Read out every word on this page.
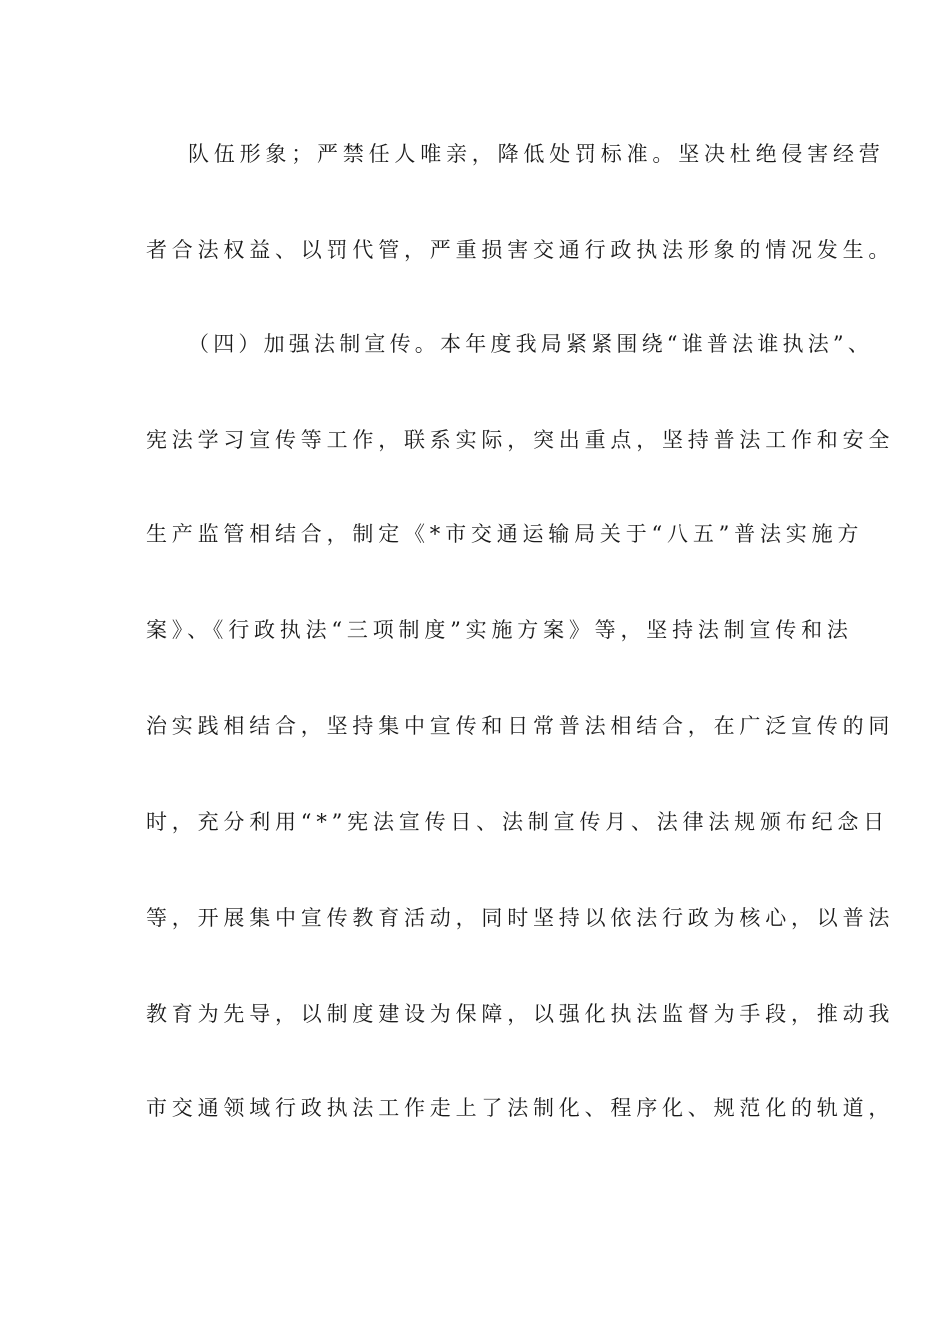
队伍形象；严禁任人唯亲，降低处罚标准。坚决杜绝侵害经营
者合法权益、以罚代管，严重损害交通行政执法形象的情况发生。
（四）加强法制宣传。本年度我局紧紧围绕“谁普法谁执法”、
宪法学习宣传等工作，联系实际，突出重点，坚持普法工作和安全
生产监管相结合，制定《*市交通运输局关于“八五”普法实施方
案》、《行政执法“三项制度”实施方案》等，坚持法制宣传和法
治实践相结合，坚持集中宣传和日常普法相结合，在广泛宣传的同
时，充分利用“*”宪法宣传日、法制宣传月、法律法规颁布纪念日
等，开展集中宣传教育活动，同时坚持以依法行政为核心，以普法
教育为先导，以制度建设为保障，以强化执法监督为手段，推动我
市交通领域行政执法工作走上了法制化、程序化、规范化的轨道，
